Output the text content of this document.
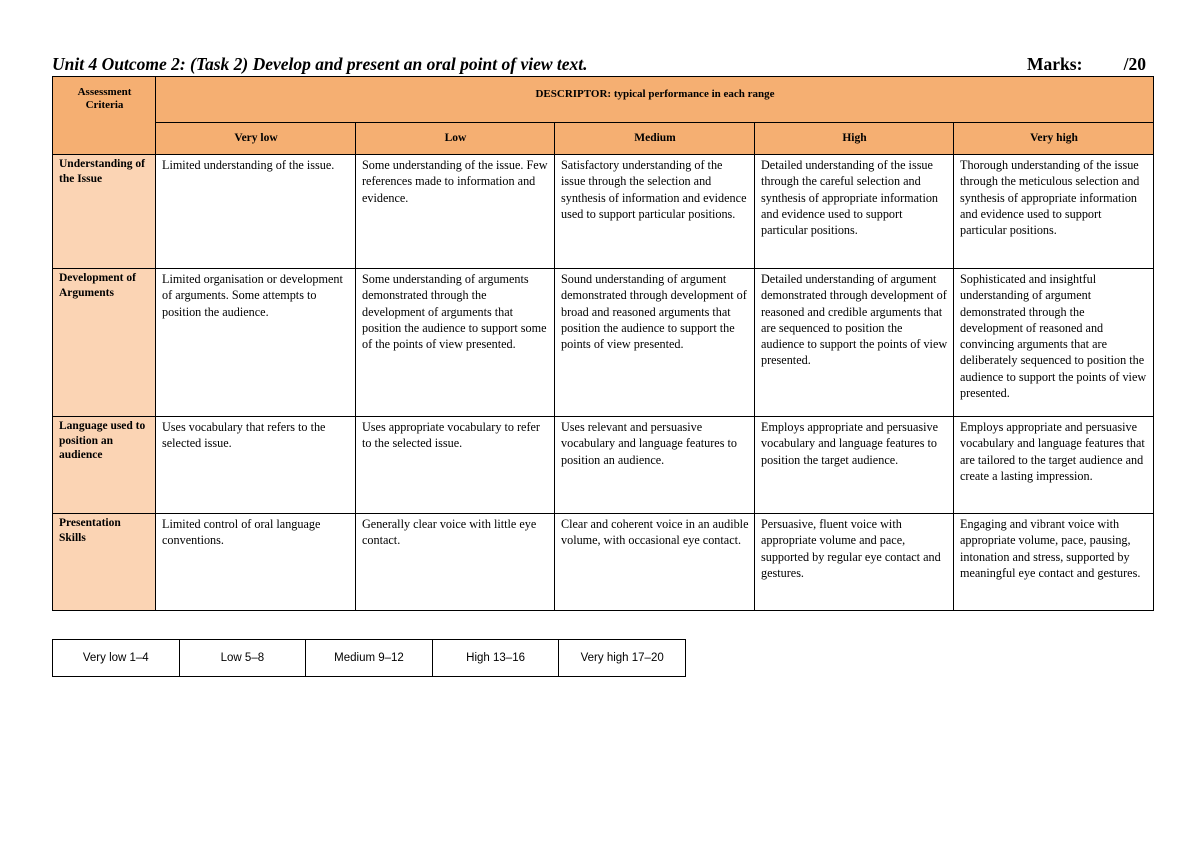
Unit 4 Outcome 2: (Task 2) Develop and present an oral point of view text.	Marks: /20
Assessment Criteria	DESCRIPTOR: typical performance in each range				
	Very low	Low	Medium	High	Very high
Understanding of the Issue	Limited understanding of the issue.	Some understanding of the issue. Few references made to information and evidence.	Satisfactory understanding of the issue through the selection and synthesis of information and evidence used to support particular positions.	Detailed understanding of the issue through the careful selection and synthesis of appropriate information and evidence used to support particular positions.	Thorough understanding of the issue through the meticulous selection and synthesis of appropriate information and evidence used to support particular positions.
Development of Arguments	Limited organisation or development of arguments. Some attempts to position the audience.	Some understanding of arguments demonstrated through the development of arguments that position the audience to support some of the points of view presented.	Sound understanding of argument demonstrated through development of broad and reasoned arguments that position the audience to support the points of view presented.	Detailed understanding of argument demonstrated through development of reasoned and credible arguments that are sequenced to position the audience to support the points of view presented.	Sophisticated and insightful understanding of argument demonstrated through the development of reasoned and convincing arguments that are deliberately sequenced to position the audience to support the points of view presented.
Language used to position an audience	Uses vocabulary that refers to the selected issue.	Uses appropriate vocabulary to refer to the selected issue.	Uses relevant and persuasive vocabulary and language features to position an audience.	Employs appropriate and persuasive vocabulary and language features to position the target audience.	Employs appropriate and persuasive vocabulary and language features that are tailored to the target audience and create a lasting impression.
Presentation Skills	Limited control of oral language conventions.	Generally clear voice with little eye contact.	Clear and coherent voice in an audible volume, with occasional eye contact.	Persuasive, fluent voice with appropriate volume and pace, supported by regular eye contact and gestures.	Engaging and vibrant voice with appropriate volume, pace, pausing, intonation and stress, supported by meaningful eye contact and gestures.
Very low 1–4	Low 5–8	Medium 9–12	High 13–16	Very high 17–20
